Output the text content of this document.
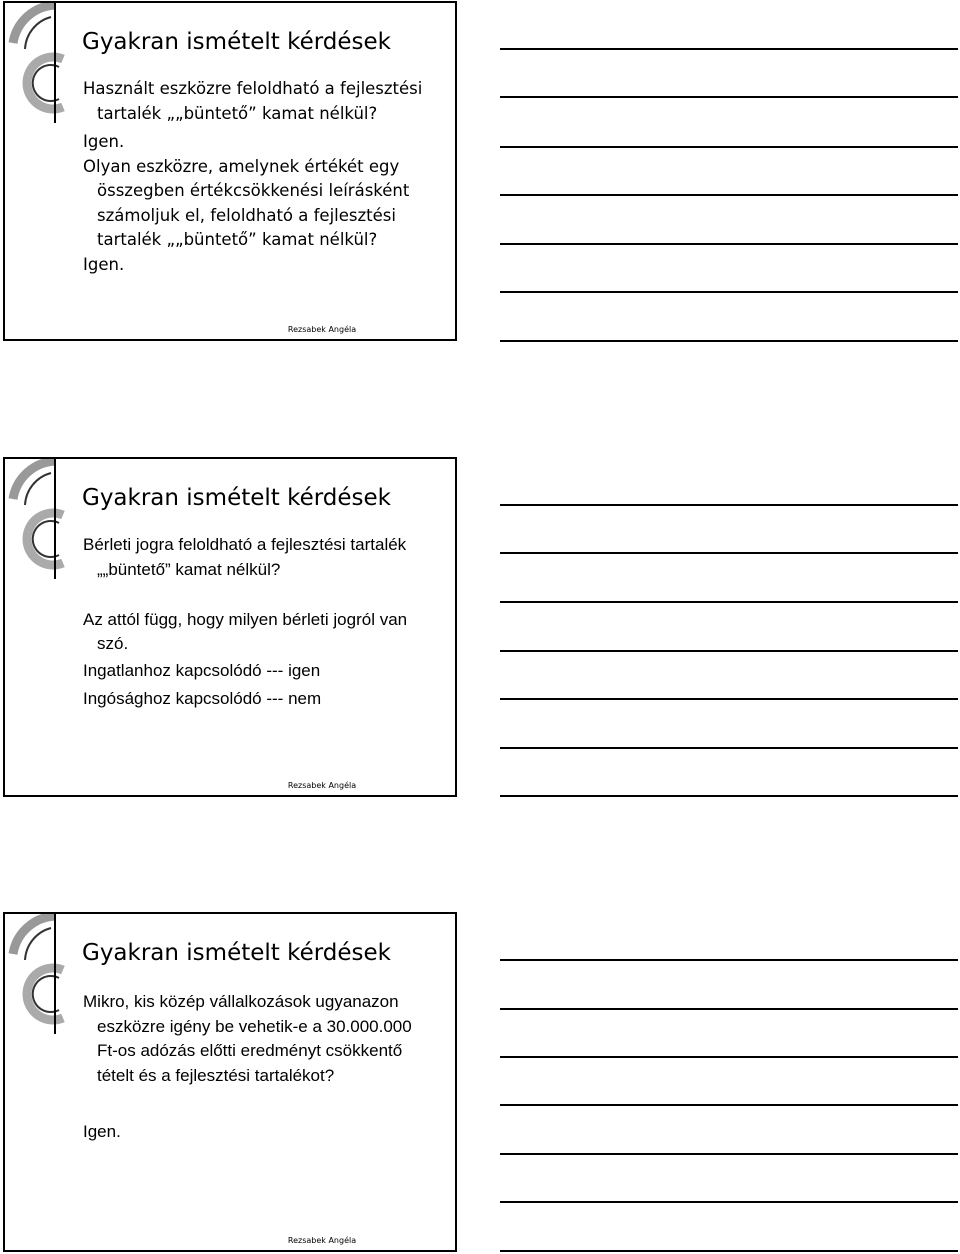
Gyakran ismételt kérdések

Használt eszközre feloldható a fejlesztési

tartalék „„büntető” kamat nélkül?

Igen.

Olyan eszközre, amelynek értékét egy

összegben értékcsökkenési leírásként

számoljuk el, feloldható a fejlesztési

tartalék „„büntető” kamat nélkül?

Igen.

Rezsabek Angéla
Gyakran ismételt kérdések

Bérleti jogra feloldható a fejlesztési tartalék

„„büntető” kamat nélkül?

Az attól függ, hogy milyen bérleti jogról van

szó.

Ingatlanhoz kapcsolódó --- igen

Ingósághoz kapcsolódó --- nem

Rezsabek Angéla
Gyakran ismételt kérdések

Mikro, kis közép vállalkozások ugyanazon

eszközre igény be vehetik-e a 30.000.000

Ft-os adózás előtti eredményt csökkentő

tételt és a fejlesztési tartalékot?

Igen.

Rezsabek Angéla
